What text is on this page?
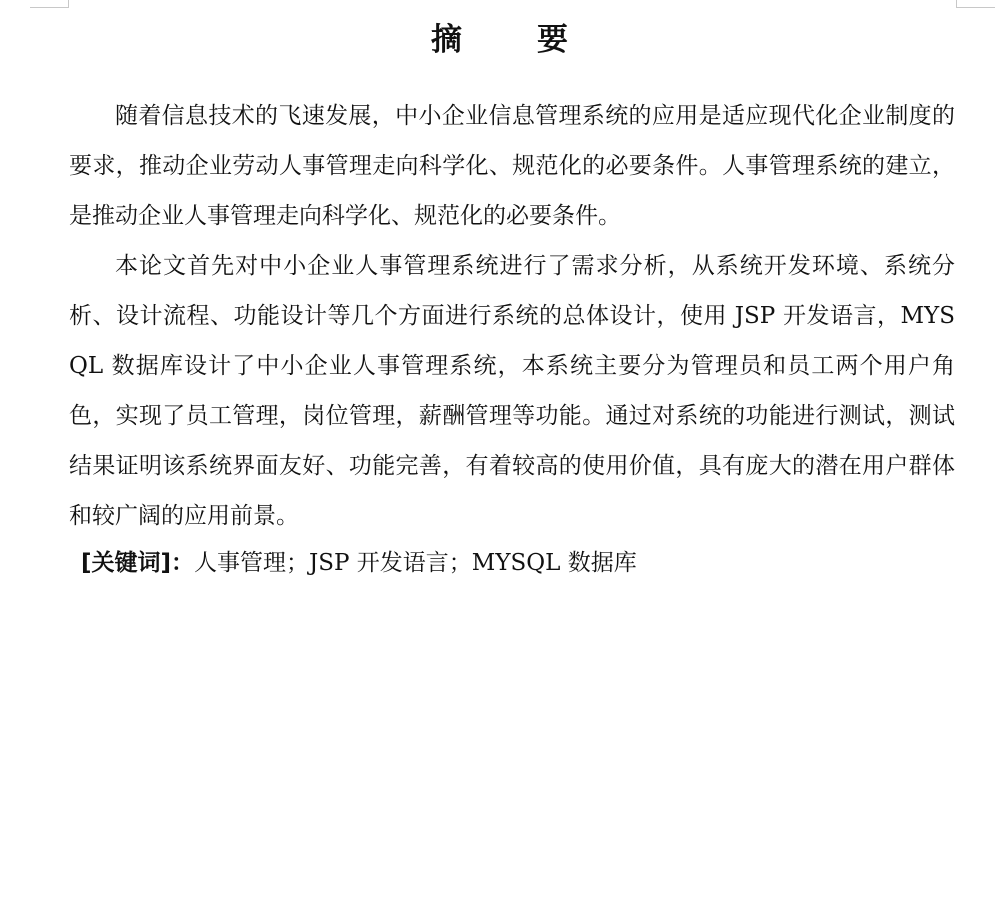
摘　要

随着信息技术的飞速发展，中小企业信息管理系统的应用是适应现代化企业制度的要求，推动企业劳动人事管理走向科学化、规范化的必要条件。人事管理系统的建立，是推动企业人事管理走向科学化、规范化的必要条件。

本论文首先对中小企业人事管理系统进行了需求分析，从系统开发环境、系统分析、设计流程、功能设计等几个方面进行系统的总体设计，使用 JSP 开发语言，MYSQL 数据库设计了中小企业人事管理系统，本系统主要分为管理员和员工两个用户角色，实现了员工管理，岗位管理，薪酬管理等功能。通过对系统的功能进行测试，测试结果证明该系统界面友好、功能完善，有着较高的使用价值，具有庞大的潜在用户群体和较广阔的应用前景。

[关键词]：人事管理；JSP 开发语言；MYSQL 数据库
